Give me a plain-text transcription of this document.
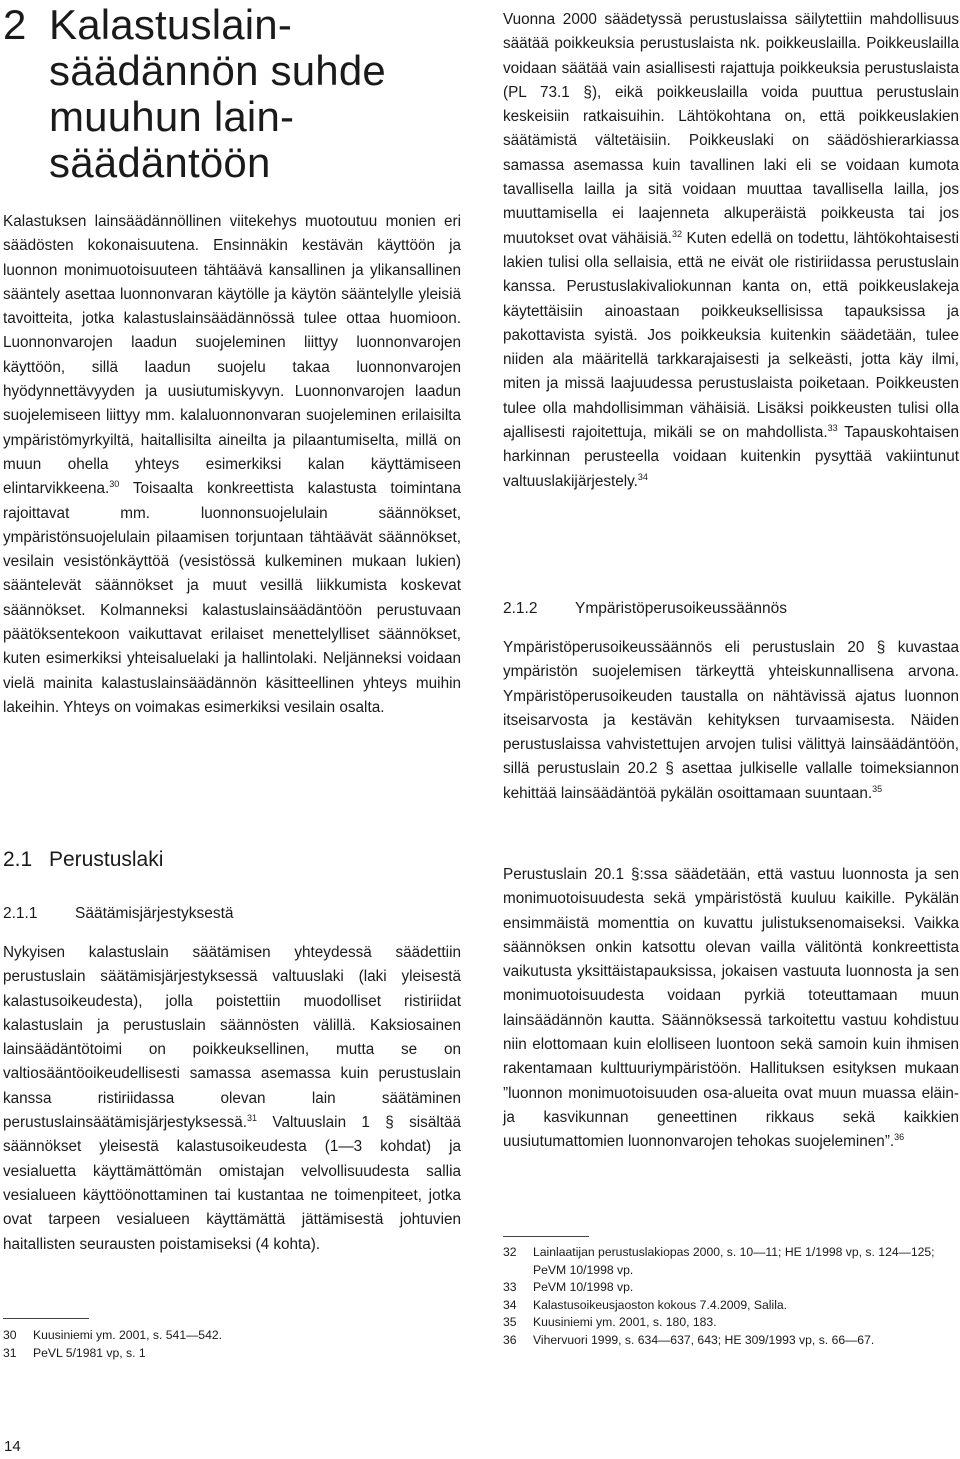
2 Kalastuslain-
säädännön suhde
muuhun lain-
säädäntöön

Kalastuksen lainsäädännöllinen viitekehys muotoutuu monien eri säädösten kokonaisuutena. Ensinnäkin kestävän käyttöön ja luonnon monimuotoisuuteen tähtäävä kansallinen ja ylikansallinen sääntely asettaa luonnonvaran käytölle ja käytön sääntelylle yleisiä tavoitteita, jotka kalastuslainsäädännössä tulee ottaa huomioon. Luonnonvarojen laadun suojeleminen liittyy luonnonvarojen käyttöön, sillä laadun suojelu takaa luonnonvarojen hyödynnettävyyden ja uusiutumiskyvyn. Luonnonvarojen laadun suojelemiseen liittyy mm. kalaluonnonvaran suojeleminen erilaisilta ympäristömyrkyiltä, haitallisilta aineilta ja pilaantumiselta, millä on muun ohella yhteys esimerkiksi kalan käyttämiseen elintarvikkeena.$^{30}$ Toisaalta konkreettista kalastusta toimintana rajoittavat mm. luonnonsuojelulain säännökset, ympäristönsuojelulain pilaamisen torjuntaan tähtäävät säännökset, vesilain vesistönkäyttöä (vesistössä kulkeminen mukaan lukien) sääntelevät säännökset ja muut vesillä liikkumista koskevat säännökset. Kolmanneksi kalastuslainsäädäntöön perustuvaan päätöksentekoon vaikuttavat erilaiset menettelylliset säännökset, kuten esimerkiksi yhteisaluelaki ja hallintolaki. Neljänneksi voidaan vielä mainita kalastuslainsäädännön käsitteellinen yhteys muihin lakeihin. Yhteys on voimakas esimerkiksi vesilain osalta.

2.1 Perustuslaki
2.1.1 Säätämisjärjestyksestä

Nykyisen kalastuslain säätämisen yhteydessä säädettiin perustuslain säätämisjärjestyksessä valtuuslaki (laki yleisestä kalastusoikeudesta), jolla poistettiin muodolliset ristiriidat kalastuslain ja perustuslain säännösten välillä. Kaksiosainen lainsäädäntötoimi on poikkeuksellinen, mutta se on valtiosääntöoikeudellisesti samassa asemassa kuin perustuslain kanssa ristiriidassa olevan lain säätäminen perustuslainsäätämisjärjestyksessä.$^{31}$ Valtuuslain 1 § sisältää säännökset yleisestä kalastusoikeudesta (1—3 kohdat) ja vesialuetta käyttämättömän omistajan velvollisuudesta sallia vesialueen käyttöönottaminen tai kustantaa ne toimenpiteet, jotka ovat tarpeen vesialueen käyttämättä jättämisestä johtuvien haitallisten seurausten poistamiseksi (4 kohta).

30 Kuusiniemi ym. 2001, s. 541—542.

31 PeVL 5/1981 vp, s. 1

Vuonna 2000 säädetyssä perustuslaissa säilytettiin mahdollisuus säätää poikkeuksia perustuslaista nk. poikkeuslailla. Poikkeuslailla voidaan säätää vain asiallisesti rajattuja poikkeuksia perustuslaista (PL 73.1 §), eikä poikkeuslailla voida puuttua perustuslain keskeisiin ratkaisuihin. Lähtökohtana on, että poikkeuslakien säätämistä vältetäisiin. Poikkeuslaki on säädöshierarkiassa samassa asemassa kuin tavallinen laki eli se voidaan kumota tavallisella lailla ja sitä voidaan muuttaa tavallisella lailla, jos muuttamisella ei laajenneta alkuperäistä poikkeusta tai jos muutokset ovat vähäisiä.$^{32}$ Kuten edellä on todettu, lähtökohtaisesti lakien tulisi olla sellaisia, että ne eivät ole ristiriidassa perustuslain kanssa. Perustuslakivaliokunnan kanta on, että poikkeuslakeja käytettäisiin ainoastaan poikkeuksellisissa tapauksissa ja pakottavista syistä. Jos poikkeuksia kuitenkin säädetään, tulee niiden ala määritellä tarkkarajaisesti ja selkeästi, jotta käy ilmi, miten ja missä laajuudessa perustuslaista poiketaan. Poikkeusten tulee olla mahdollisimman vähäisiä. Lisäksi poikkeusten tulisi olla ajallisesti rajoitettuja, mikäli se on mahdollista.$^{33}$ Tapauskohtaisen harkinnan perusteella voidaan kuitenkin pysyttää vakiintunut valtuuslakijärjestely.$^{34}$

2.1.2 Ympäristöperusoikeussäännös

Ympäristöperusoikeussäännös eli perustuslain 20 § kuvastaa ympäristön suojelemisen tärkeyttä yhteiskunnallisena arvona. Ympäristöperusoikeuden taustalla on nähtävissä ajatus luonnon itseisarvosta ja kestävän kehityksen turvaamisesta. Näiden perustuslaissa vahvistettujen arvojen tulisi välittyä lainsäädäntöön, sillä perustuslain 20.2 § asettaa julkiselle vallalle toimeksiannon kehittää lainsäädäntöä pykälän osoittamaan suuntaan.$^{35}$

Perustuslain 20.1 §:ssa säädetään, että vastuu luonnosta ja sen monimuotoisuudesta sekä ympäristöstä kuuluu kaikille. Pykälän ensimmäistä momenttia on kuvattu julistuksenomaiseksi. Vaikka säännöksen onkin katsottu olevan vailla välitöntä konkreettista vaikutusta yksittäistapauksissa, jokaisen vastuuta luonnosta ja sen monimuotoisuudesta voidaan pyrkiä toteuttamaan muun lainsäädännön kautta. Säännöksessä tarkoitettu vastuu kohdistuu niin elottomaan kuin elolliseen luontoon sekä samoin kuin ihmisen rakentamaan kulttuuriympäristöön. Hallituksen esityksen mukaan ”luonnon monimuotoisuuden osa-alueita ovat muun muassa eläin- ja kasvikunnan geneettinen rikkaus sekä kaikkien uusiutumattomien luonnonvarojen tehokas suojeleminen”.$^{36}$

32 Lainlaatijan perustuslakiopas 2000, s. 10—11; HE 1/1998 vp, s. 124—125;
PeVM 10/1998 vp.

33 PeVM 10/1998 vp.

34 Kalastusoikeusjaoston kokous 7.4.2009, Salila.

35 Kuusiniemi ym. 2001, s. 180, 183.

36 Vihervuori 1999, s. 634—637, 643; HE 309/1993 vp, s. 66—67.

14
